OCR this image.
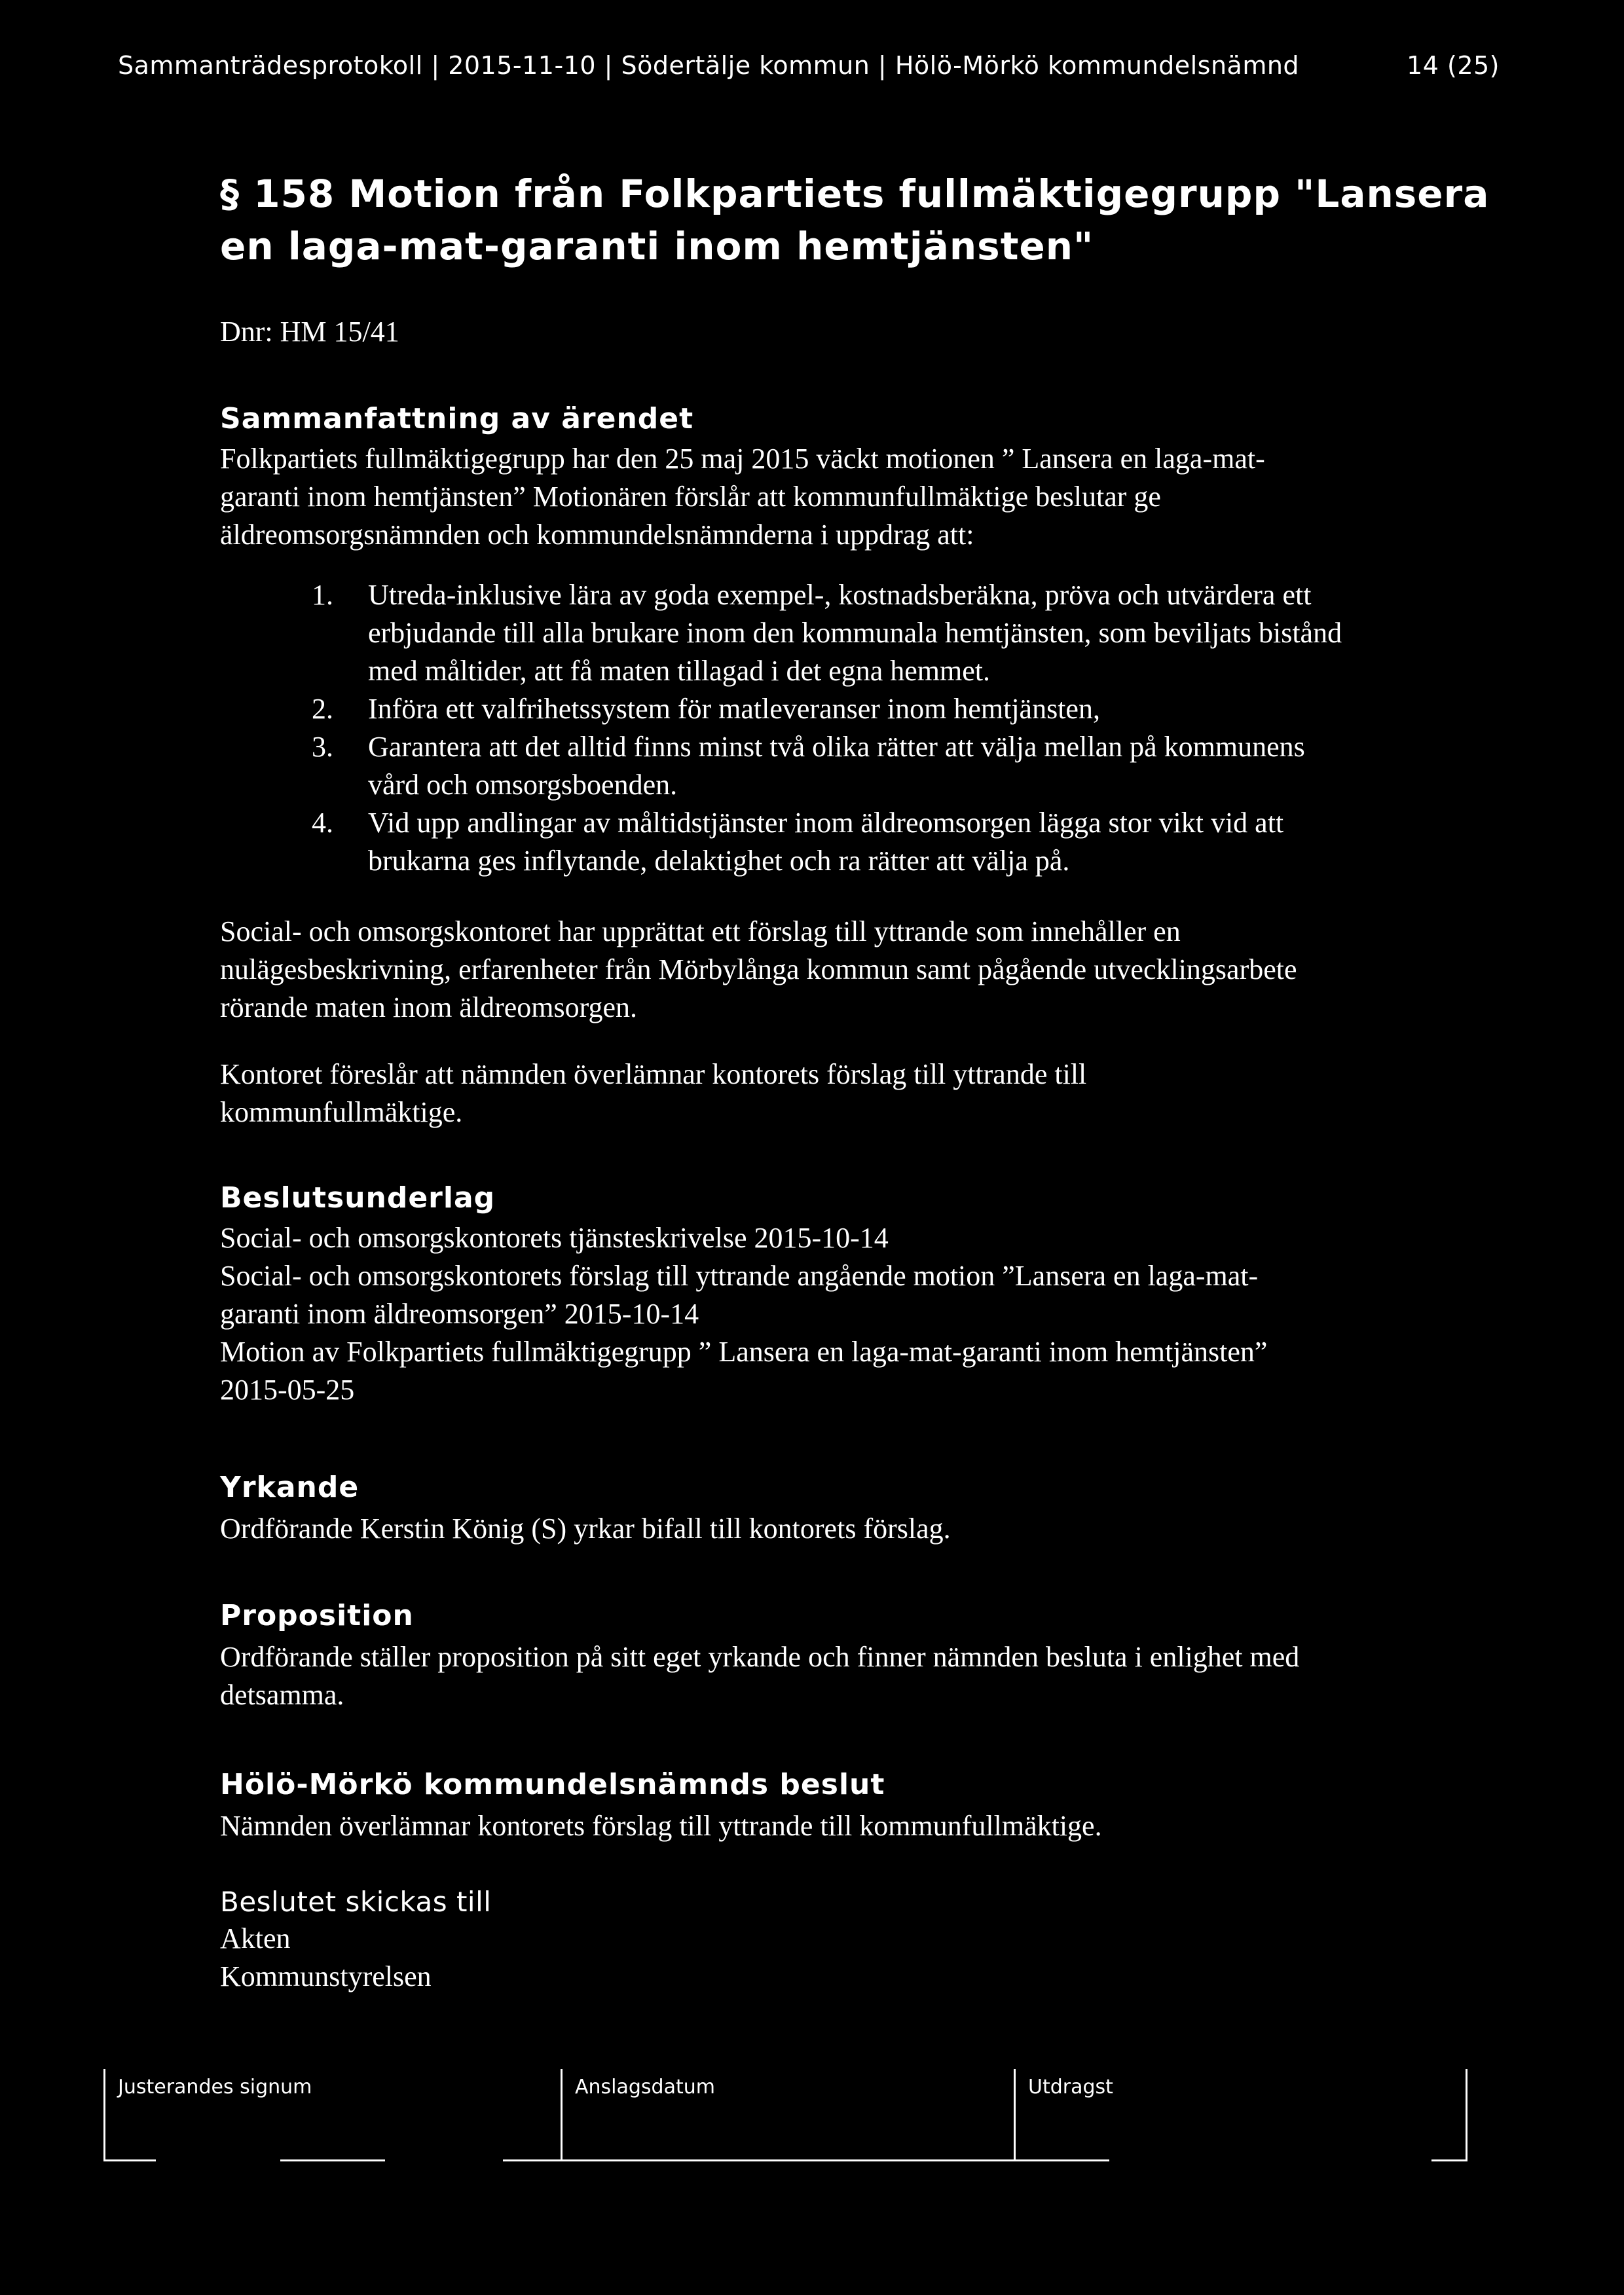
Sammanträdesprotokoll | 2015-11-10 | Södertälje kommun | Hölö-Mörkö kommundelsnämnd	14 (25)
§ 158 Motion från Folkpartiets fullmäktigegrupp "Lansera
en laga-mat-garanti inom hemtjänsten"
Dnr: HM 15/41
Sammanfattning av ärendet
Folkpartiets fullmäktigegrupp har den 25 maj 2015 väckt motionen ” Lansera en laga-mat-
garanti inom hemtjänsten” Motionären förslår att kommunfullmäktige beslutar ge
äldreomsorgsnämnden och kommundelsnämnderna i uppdrag att:
1.	Utreda-inklusive lära av goda exempel-, kostnadsberäkna, pröva och utvärdera ett
erbjudande till alla brukare inom den kommunala hemtjänsten, som beviljats bistånd
med måltider, att få maten tillagad i det egna hemmet.
2.	Införa ett valfrihetssystem för matleveranser inom hemtjänsten,
3.	Garantera att det alltid finns minst två olika rätter att välja mellan på kommunens
vård och omsorgsboenden.
4.	Vid upp andlingar av måltidstjänster inom äldreomsorgen lägga stor vikt vid att
brukarna ges inflytande, delaktighet och ra rätter att välja på.
Social- och omsorgskontoret har upprättat ett förslag till yttrande som innehåller en
nulägesbeskrivning, erfarenheter från Mörbylånga kommun samt pågående utvecklingsarbete
rörande maten inom äldreomsorgen.
Kontoret föreslår att nämnden överlämnar kontorets förslag till yttrande till
kommunfullmäktige.
Beslutsunderlag
Social- och omsorgskontorets tjänsteskrivelse 2015-10-14
Social- och omsorgskontorets förslag till yttrande angående motion ”Lansera en laga-mat-
garanti inom äldreomsorgen” 2015-10-14
Motion av Folkpartiets fullmäktigegrupp ” Lansera en laga-mat-garanti inom hemtjänsten”
2015-05-25
Yrkande
Ordförande Kerstin König (S) yrkar bifall till kontorets förslag.
Proposition
Ordförande ställer proposition på sitt eget yrkande och finner nämnden besluta i enlighet med
detsamma.
Hölö-Mörkö kommundelsnämnds beslut
Nämnden överlämnar kontorets förslag till yttrande till kommunfullmäktige.
Beslutet skickas till
Akten
Kommunstyrelsen
Justerandes signum	Anslagsdatum	Utdragst
